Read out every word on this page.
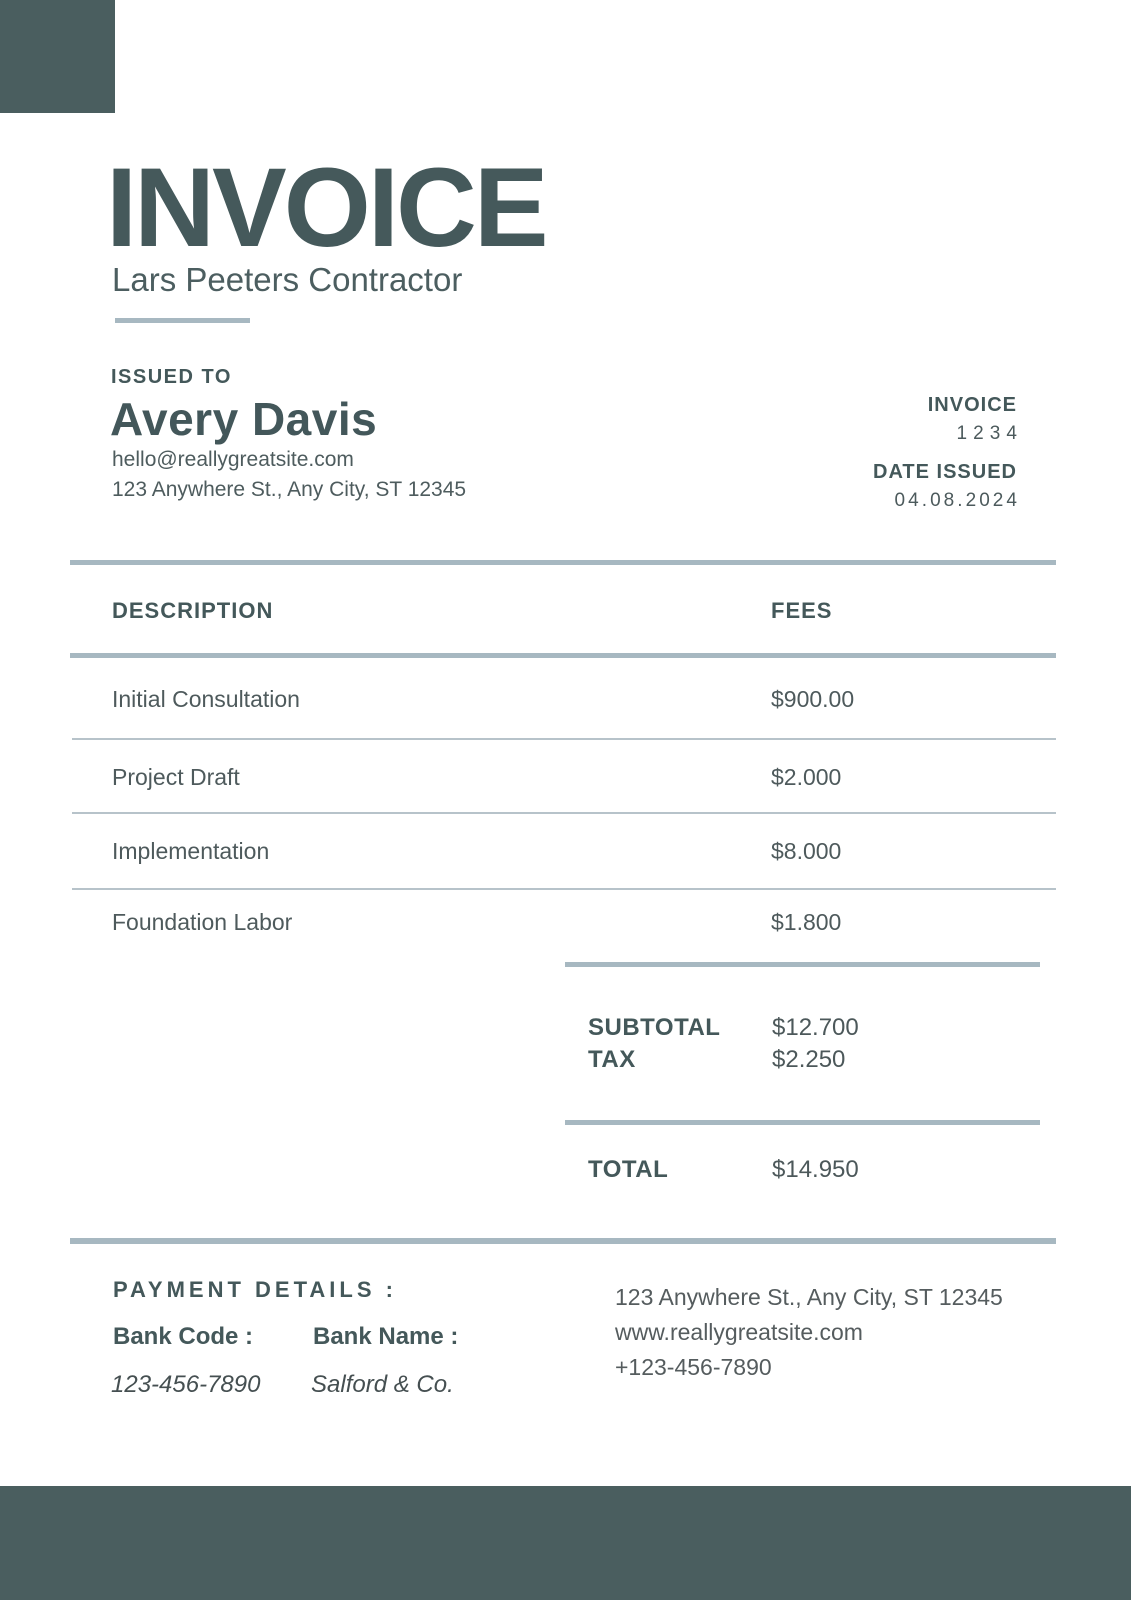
INVOICE
Lars Peeters Contractor
ISSUED TO
Avery Davis
hello@reallygreatsite.com
123 Anywhere St., Any City, ST 12345
INVOICE
1234
DATE ISSUED
04.08.2024
DESCRIPTION	FEES
Initial Consultation	$900.00
Project Draft	$2.000
Implementation	$8.000
Foundation Labor	$1.800
SUBTOTAL $12.700
TAX	$2.250
TOTAL	$14.950
PAYMENT DETAILS :
Bank Code : Bank Name :
123-456-7890 Salford & Co.
123 Anywhere St., Any City, ST 12345
www.reallygreatsite.com
+123-456-7890
